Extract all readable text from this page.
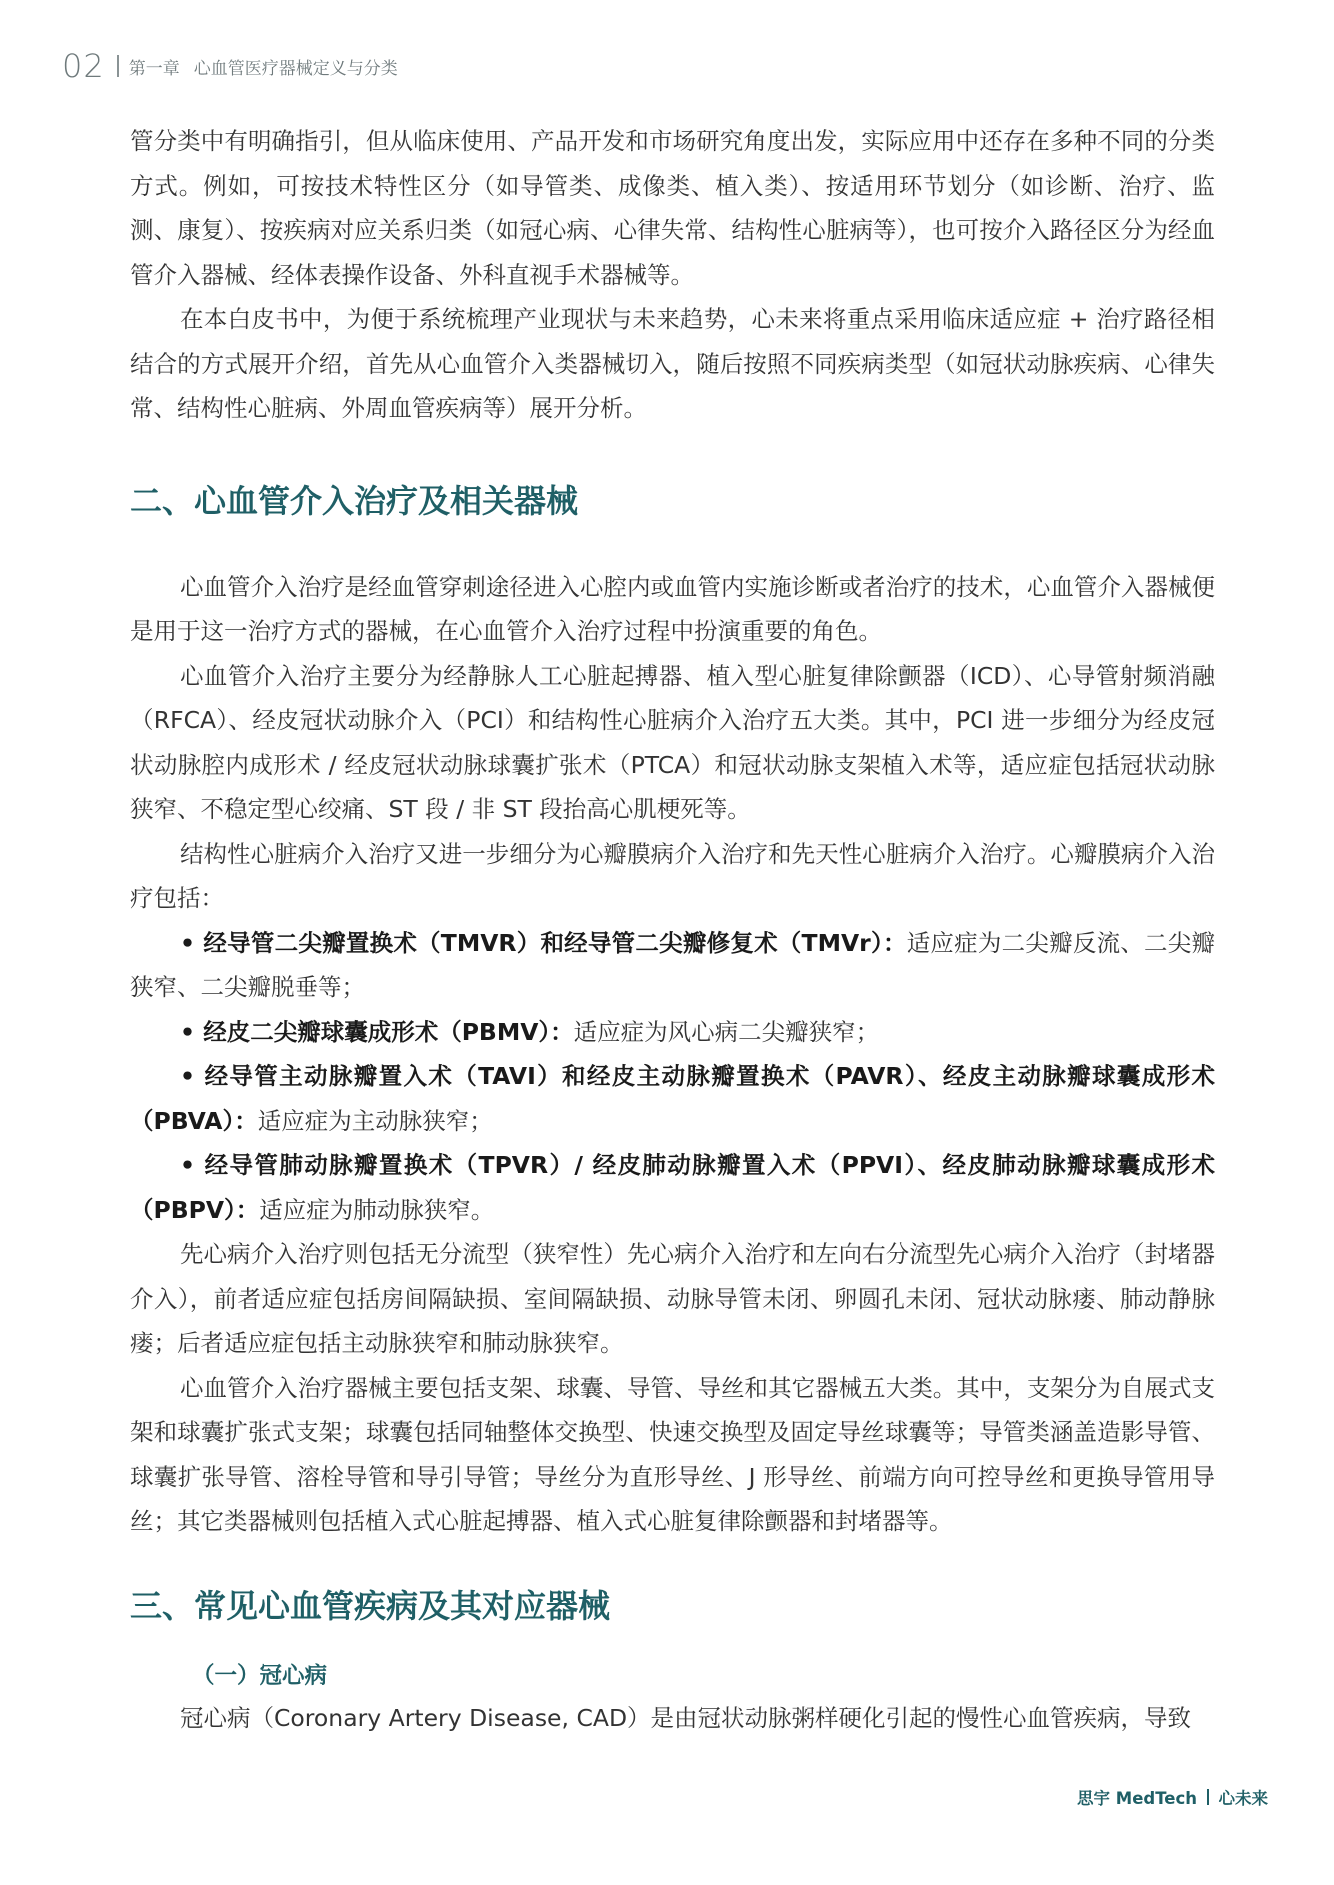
02 第一章 心血管医疗器械定义与分类

管分类中有明确指引，但从临床使用、产品开发和市场研究角度出发，实际应用中还存在多种不同的分类方式。例如，可按技术特性区分（如导管类、成像类、植入类）、按适用环节划分（如诊断、治疗、监测、康复）、按疾病对应关系归类（如冠心病、心律失常、结构性心脏病等），也可按介入路径区分为经血管介入器械、经体表操作设备、外科直视手术器械等。

在本白皮书中，为便于系统梳理产业现状与未来趋势，心未来将重点采用临床适应症 + 治疗路径相结合的方式展开介绍，首先从心血管介入类器械切入，随后按照不同疾病类型（如冠状动脉疾病、心律失常、结构性心脏病、外周血管疾病等）展开分析。

二、心血管介入治疗及相关器械

心血管介入治疗是经血管穿刺途径进入心腔内或血管内实施诊断或者治疗的技术，心血管介入器械便是用于这一治疗方式的器械，在心血管介入治疗过程中扮演重要的角色。

心血管介入治疗主要分为经静脉人工心脏起搏器、植入型心脏复律除颤器（ICD）、心导管射频消融（RFCA）、经皮冠状动脉介入（PCI）和结构性心脏病介入治疗五大类。其中，PCI 进一步细分为经皮冠状动脉腔内成形术 / 经皮冠状动脉球囊扩张术（PTCA）和冠状动脉支架植入术等，适应症包括冠状动脉狭窄、不稳定型心绞痛、ST 段 / 非 ST 段抬高心肌梗死等。

结构性心脏病介入治疗又进一步细分为心瓣膜病介入治疗和先天性心脏病介入治疗。心瓣膜病介入治疗包括：

• 经导管二尖瓣置换术（TMVR）和经导管二尖瓣修复术（TMVr）：适应症为二尖瓣反流、二尖瓣狭窄、二尖瓣脱垂等；

• 经皮二尖瓣球囊成形术（PBMV）：适应症为风心病二尖瓣狭窄；

• 经导管主动脉瓣置入术（TAVI）和经皮主动脉瓣置换术（PAVR）、经皮主动脉瓣球囊成形术（PBVA）：适应症为主动脉狭窄；

• 经导管肺动脉瓣置换术（TPVR）/ 经皮肺动脉瓣置入术（PPVI）、经皮肺动脉瓣球囊成形术（PBPV）：适应症为肺动脉狭窄。

先心病介入治疗则包括无分流型（狭窄性）先心病介入治疗和左向右分流型先心病介入治疗（封堵器介入），前者适应症包括房间隔缺损、室间隔缺损、动脉导管未闭、卵圆孔未闭、冠状动脉瘘、肺动静脉瘘；后者适应症包括主动脉狭窄和肺动脉狭窄。

心血管介入治疗器械主要包括支架、球囊、导管、导丝和其它器械五大类。其中，支架分为自展式支架和球囊扩张式支架；球囊包括同轴整体交换型、快速交换型及固定导丝球囊等；导管类涵盖造影导管、球囊扩张导管、溶栓导管和导引导管；导丝分为直形导丝、J 形导丝、前端方向可控导丝和更换导管用导丝；其它类器械则包括植入式心脏起搏器、植入式心脏复律除颤器和封堵器等。

三、常见心血管疾病及其对应器械
（一）冠心病

冠心病（Coronary Artery Disease, CAD）是由冠状动脉粥样硬化引起的慢性心血管疾病，导致

思宇 MedTech 心未来
